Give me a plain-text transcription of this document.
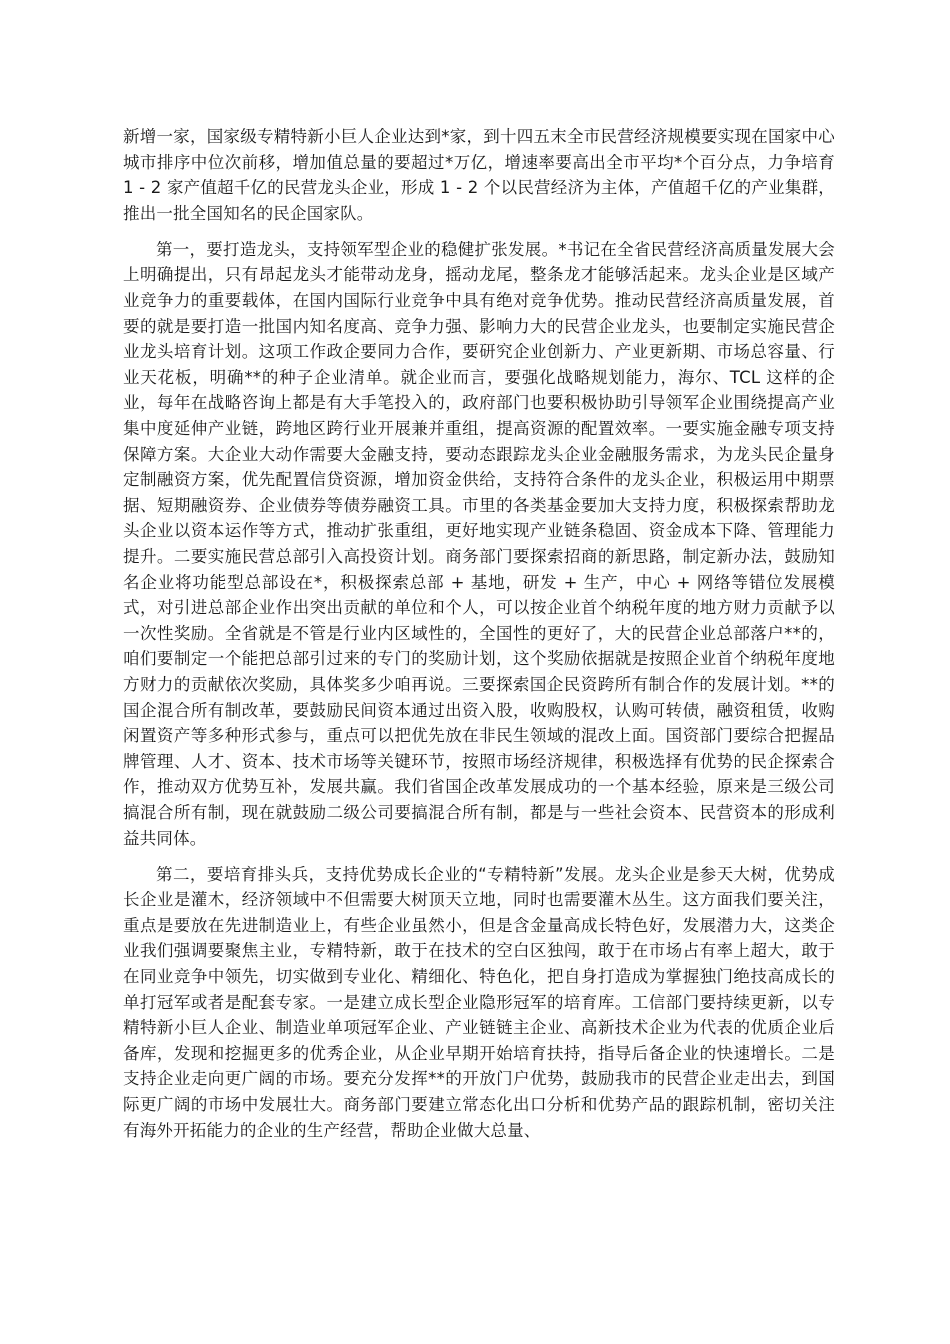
新增一家，国家级专精特新小巨人企业达到*家，到十四五末全市民营经济规模要实现在国家中心城市排序中位次前移，增加值总量的要超过*万亿，增速率要高出全市平均*个百分点，力争培育 1 - 2 家产值超千亿的民营龙头企业，形成 1 - 2 个以民营经济为主体，产值超千亿的产业集群，推出一批全国知名的民企国家队。

第一，要打造龙头，支持领军型企业的稳健扩张发展。*书记在全省民营经济高质量发展大会上明确提出，只有昂起龙头才能带动龙身，摇动龙尾，整条龙才能够活起来。龙头企业是区域产业竞争力的重要载体，在国内国际行业竞争中具有绝对竞争优势。推动民营经济高质量发展，首要的就是要打造一批国内知名度高、竞争力强、影响力大的民营企业龙头，也要制定实施民营企业龙头培育计划。这项工作政企要同力合作，要研究企业创新力、产业更新期、市场总容量、行业天花板，明确**的种子企业清单。就企业而言，要强化战略规划能力，海尔、TCL 这样的企业，每年在战略咨询上都是有大手笔投入的，政府部门也要积极协助引导领军企业围绕提高产业集中度延伸产业链，跨地区跨行业开展兼并重组，提高资源的配置效率。一要实施金融专项支持保障方案。大企业大动作需要大金融支持，要动态跟踪龙头企业金融服务需求，为龙头民企量身定制融资方案，优先配置信贷资源，增加资金供给，支持符合条件的龙头企业，积极运用中期票据、短期融资券、企业债券等债券融资工具。市里的各类基金要加大支持力度，积极探索帮助龙头企业以资本运作等方式，推动扩张重组，更好地实现产业链条稳固、资金成本下降、管理能力提升。二要实施民营总部引入高投资计划。商务部门要探索招商的新思路，制定新办法，鼓励知名企业将功能型总部设在*，积极探索总部 + 基地，研发 + 生产，中心 + 网络等错位发展模式，对引进总部企业作出突出贡献的单位和个人，可以按企业首个纳税年度的地方财力贡献予以一次性奖励。全省就是不管是行业内区域性的，全国性的更好了，大的民营企业总部落户**的，咱们要制定一个能把总部引过来的专门的奖励计划，这个奖励依据就是按照企业首个纳税年度地方财力的贡献依次奖励，具体奖多少咱再说。三要探索国企民资跨所有制合作的发展计划。**的国企混合所有制改革，要鼓励民间资本通过出资入股，收购股权，认购可转债，融资租赁，收购闲置资产等多种形式参与，重点可以把优先放在非民生领域的混改上面。国资部门要综合把握品牌管理、人才、资本、技术市场等关键环节，按照市场经济规律，积极选择有优势的民企探索合作，推动双方优势互补，发展共赢。我们省国企改革发展成功的一个基本经验，原来是三级公司搞混合所有制，现在就鼓励二级公司要搞混合所有制，都是与一些社会资本、民营资本的形成利益共同体。

第二，要培育排头兵，支持优势成长企业的“专精特新”发展。龙头企业是参天大树，优势成长企业是灌木，经济领域中不但需要大树顶天立地，同时也需要灌木丛生。这方面我们要关注，重点是要放在先进制造业上，有些企业虽然小，但是含金量高成长特色好，发展潜力大，这类企业我们强调要聚焦主业，专精特新，敢于在技术的空白区独闯，敢于在市场占有率上超大，敢于在同业竞争中领先，切实做到专业化、精细化、特色化，把自身打造成为掌握独门绝技高成长的单打冠军或者是配套专家。一是建立成长型企业隐形冠军的培育库。工信部门要持续更新，以专精特新小巨人企业、制造业单项冠军企业、产业链链主企业、高新技术企业为代表的优质企业后备库，发现和挖掘更多的优秀企业，从企业早期开始培育扶持，指导后备企业的快速增长。二是支持企业走向更广阔的市场。要充分发挥**的开放门户优势，鼓励我市的民营企业走出去，到国际更广阔的市场中发展壮大。商务部门要建立常态化出口分析和优势产品的跟踪机制，密切关注有海外开拓能力的企业的生产经营，帮助企业做大总量、
